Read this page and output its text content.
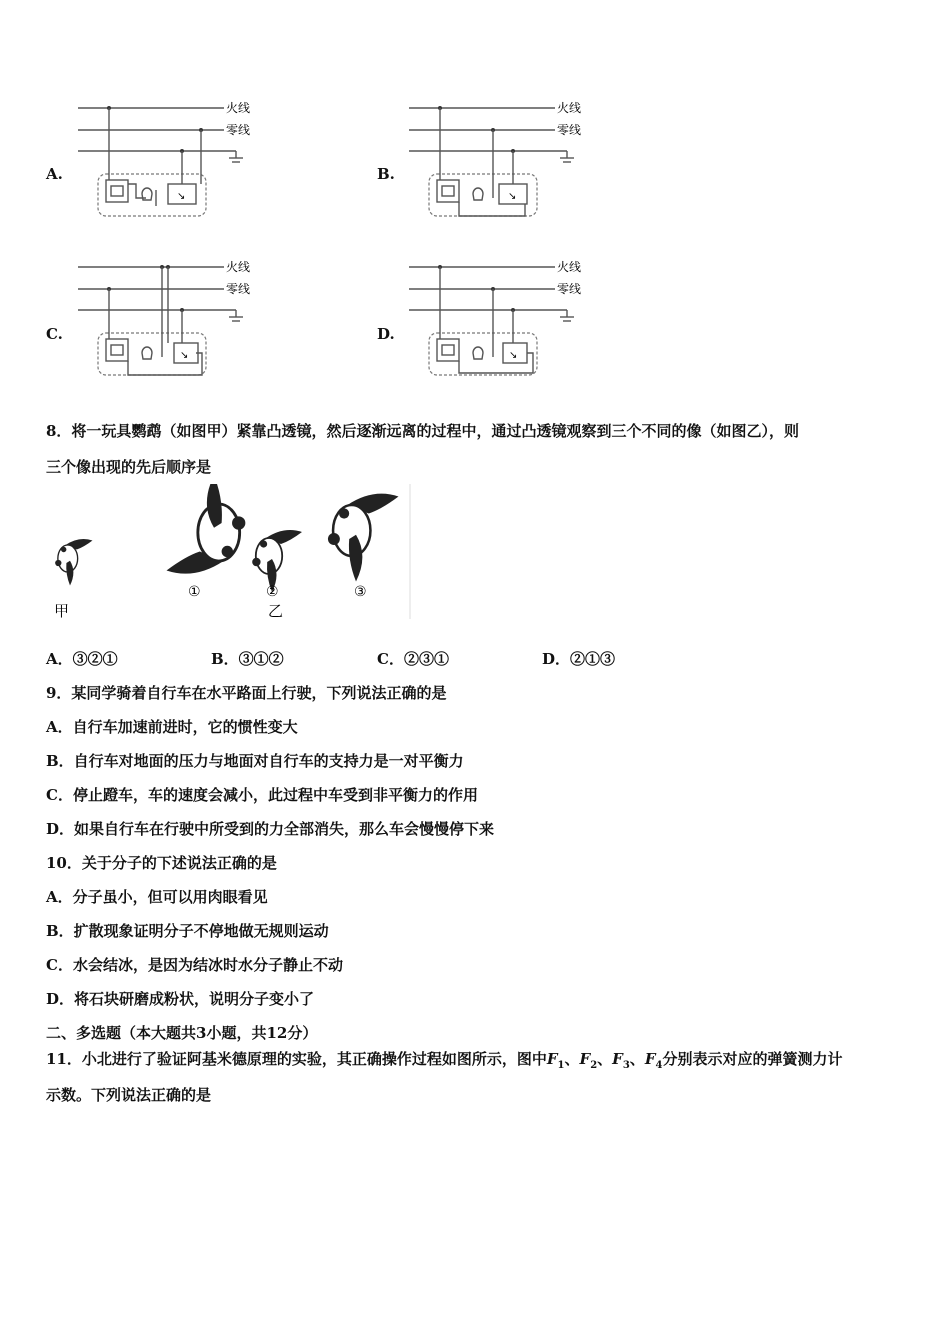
A.	B.
C.	D.
火线
零线
↘
火线
零线
↘
火线
零线
↘
火线
零线
↘
8．将一玩具鹦鹉（如图甲）紧靠凸透镜，然后逐渐远离的过程中，通过凸透镜观察到三个不同的像（如图乙），则
三个像出现的先后顺序是
甲
①	②
乙
③
A．③②①	B．③①②	C．②③①	D．②①③
9．某同学骑着自行车在水平路面上行驶，下列说法正确的是
A．自行车加速前进时，它的惯性变大
B．自行车对地面的压力与地面对自行车的支持力是一对平衡力
C．停止蹬车，车的速度会减小，此过程中车受到非平衡力的作用
D．如果自行车在行驶中所受到的力全部消失，那么车会慢慢停下来
10．关于分子的下述说法正确的是
A．分子虽小，但可以用肉眼看见
B．扩散现象证明分子不停地做无规则运动
C．水会结冰，是因为结冰时水分子静止不动
D．将石块研磨成粉状，说明分子变小了
二、多选题（本大题共3小题，共12分）
11．小北进行了验证阿基米德原理的实验，其正确操作过程如图所示，图中$F_1$、$F_2$、$F_3$、$F_4$分别表示对应的弹簧测力计
示数。下列说法正确的是
